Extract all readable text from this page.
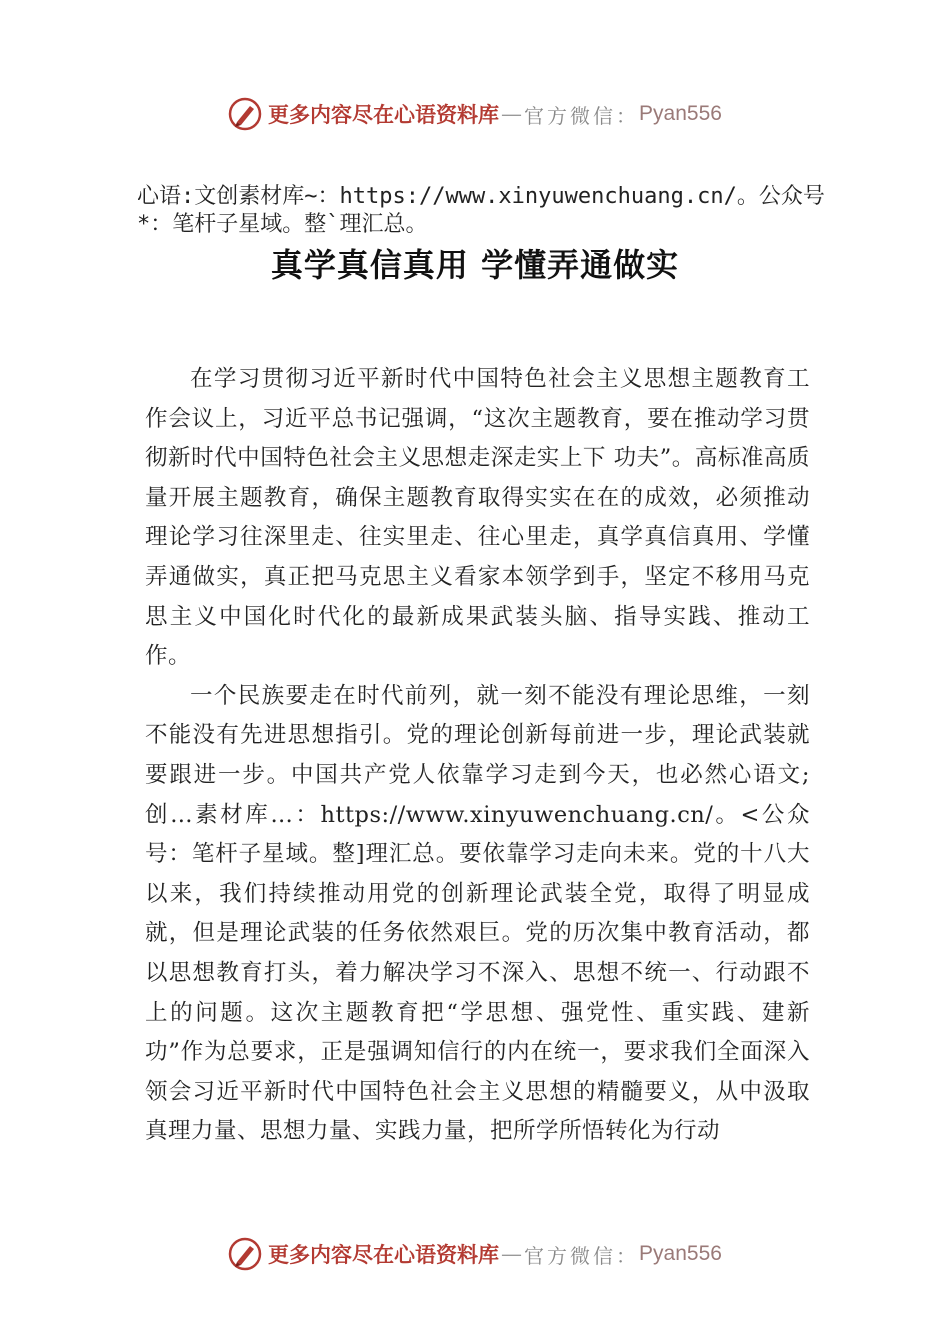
更多内容尽在心语资料库 — 官方微信： Pyan556
心语:文创素材库~：https://www.xinyuwenchuang.cn/。公众号*：笔杆子星域。整`理汇总。
真学真信真用 学懂弄通做实

在学习贯彻习近平新时代中国特色社会主义思想主题教育工作会议上，习近平总书记强调，“这次主题教育，要在推动学习贯彻新时代中国特色社会主义思想走深走实上下 功夫”。高标准高质量开展主题教育，确保主题教育取得实实在在的成效，必须推动理论学习往深里走、往实里走、往心里走，真学真信真用、学懂弄通做实，真正把马克思主义看家本领学到手，坚定不移用马克思主义中国化时代化的最新成果武装头脑、指导实践、推动工作。

一个民族要走在时代前列，就一刻不能没有理论思维，一刻不能没有先进思想指引。党的理论创新每前进一步，理论武装就要跟进一步。中国共产党人依靠学习走到今天，也必然心语文;创…素材库…：https://www.xinyuwenchuang.cn/。<公众号：笔杆子星域。整]理汇总。要依靠学习走向未来。党的十八大以来，我们持续推动用党的创新理论武装全党，取得了明显成就，但是理论武装的任务依然艰巨。党的历次集中教育活动，都以思想教育打头，着力解决学习不深入、思想不统一、行动跟不上的问题。这次主题教育把“学思想、强党性、重实践、建新功”作为总要求，正是强调知信行的内在统一，要求我们全面深入领会习近平新时代中国特色社会主义思想的精髓要义，从中汲取真理力量、思想力量、实践力量，把所学所悟转化为行动

更多内容尽在心语资料库 — 官方微信： Pyan556
